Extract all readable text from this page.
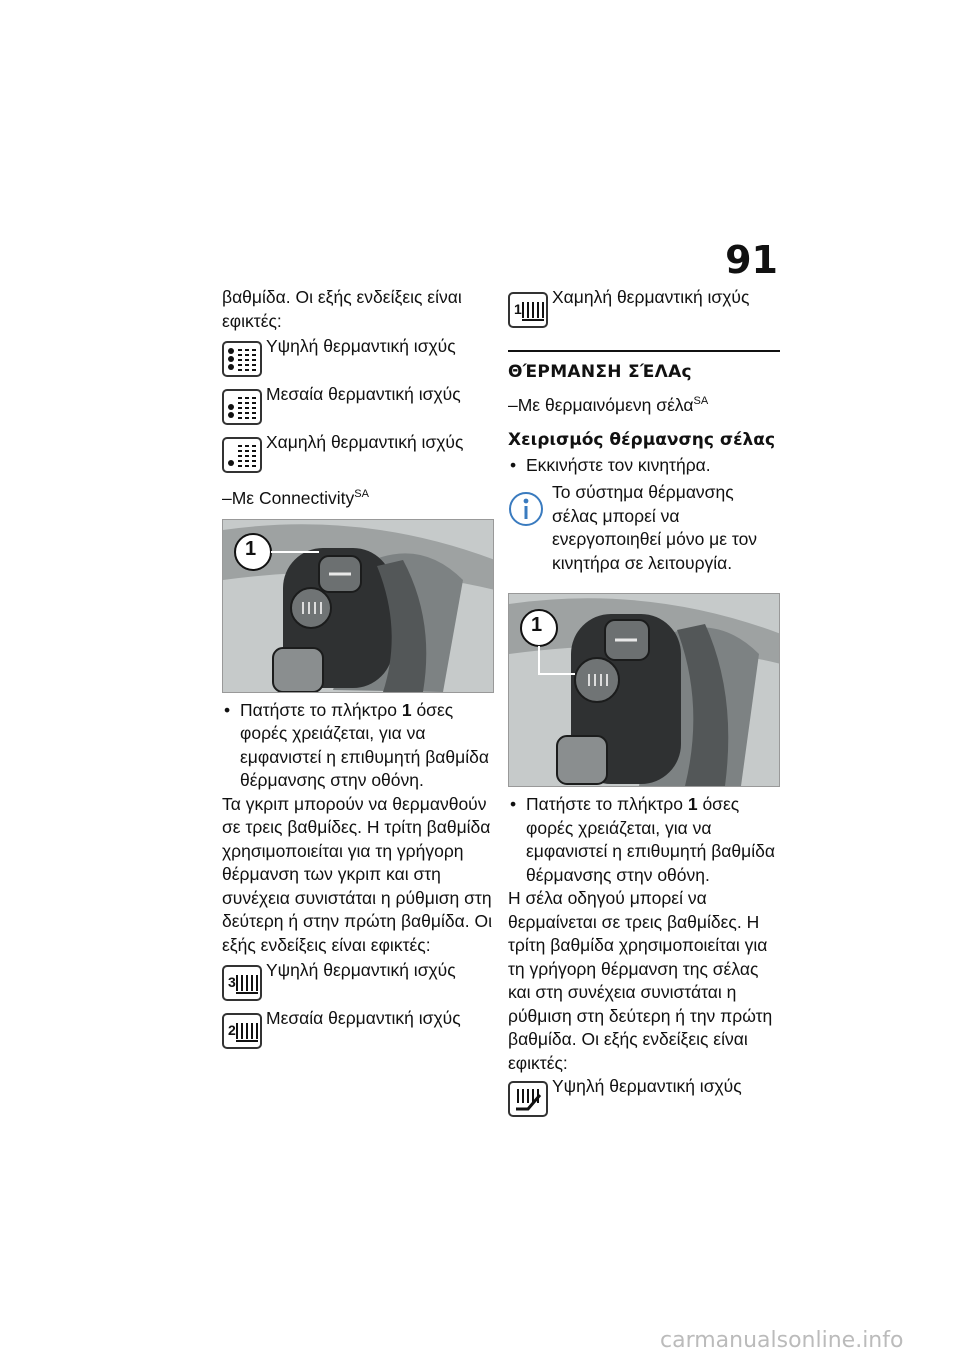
91

βαθμίδα. Οι εξής ενδείξεις είναι εφικτές:

Υψηλή θερμαντική ισχύς
Μεσαία θερμαντική ισχύς
Χαμηλή θερμαντική ισχύς

–Με Connectivity$^{SA}$

1
• Πατήστε το πλήκτρο 1 όσες φορές χρειάζεται, για να εμφανιστεί η επιθυμητή βαθμίδα θέρμανσης στην οθόνη.

Τα γκριπ μπορούν να θερμανθούν σε τρεις βαθμίδες. Η τρίτη βαθμίδα χρησιμοποιείται για τη γρήγορη θέρμανση των γκριπ και στη συνέχεια συνιστάται η ρύθμιση στη δεύτερη ή στην πρώτη βαθμίδα. Οι εξής ενδείξεις είναι εφικτές:

3
Υψηλή θερμαντική ισχύς
2
Μεσαία θερμαντική ισχύς
1
Χαμηλή θερμαντική ισχύς
ΘΈΡΜΑΝΣΗ ΣΈΛΑς

–Με θερμαινόμενη σέλα$^{SA}$

Χειρισμός θέρμανσης σέλας
• Εκκινήστε τον κινητήρα.
Το σύστημα θέρμανσης σέλας μπορεί να ενεργοποιηθεί μόνο με τον κινητήρα σε λειτουργία.
1
• Πατήστε το πλήκτρο 1 όσες φορές χρειάζεται, για να εμφανιστεί η επιθυμητή βαθμίδα θέρμανσης στην οθόνη.

Η σέλα οδηγού μπορεί να θερμαίνεται σε τρεις βαθμίδες. Η τρίτη βαθμίδα χρησιμοποιείται για τη γρήγορη θέρμανση της σέλας και στη συνέχεια συνιστάται η ρύθμιση στη δεύτερη ή την πρώτη βαθμίδα. Οι εξής ενδείξεις είναι εφικτές:

Υψηλή θερμαντική ισχύς
carmanualsonline.info
